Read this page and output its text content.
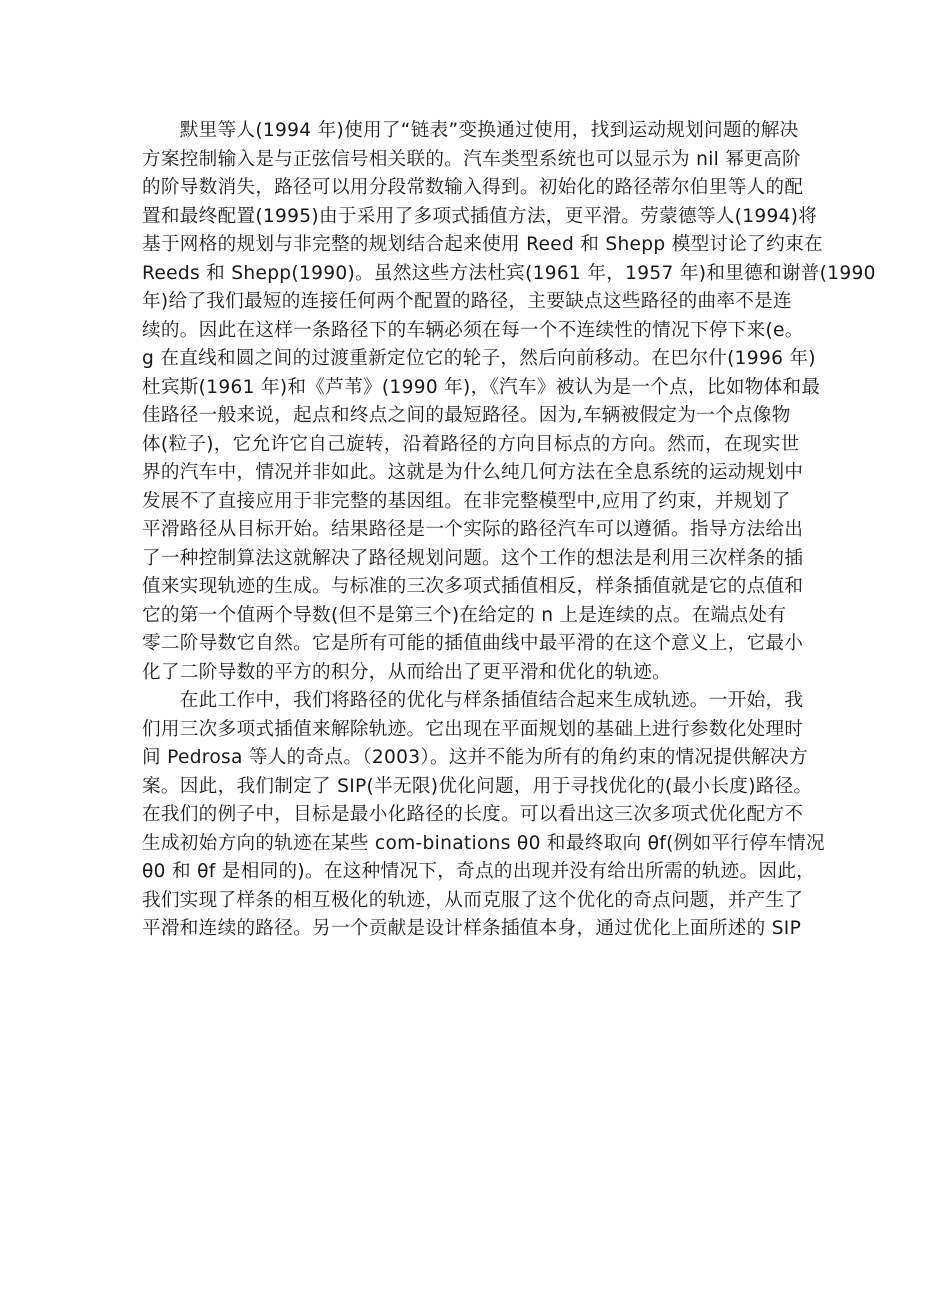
　　默里等人(1994 年)使用了“链表”变换通过使用，找到运动规划问题的解决
方案控制输入是与正弦信号相关联的。汽车类型系统也可以显示为 nil 幂更高阶
的阶导数消失，路径可以用分段常数输入得到。初始化的路径蒂尔伯里等人的配
置和最终配置(1995)由于采用了多项式插值方法，更平滑。劳蒙德等人(1994)将
基于网格的规划与非完整的规划结合起来使用 Reed 和 Shepp 模型讨论了约束在
Reeds 和 Shepp(1990)。虽然这些方法杜宾(1961 年，1957 年)和里德和谢普(1990
年)给了我们最短的连接任何两个配置的路径，主要缺点这些路径的曲率不是连
续的。因此在这样一条路径下的车辆必须在每一个不连续性的情况下停下来(e。
g 在直线和圆之间的过渡重新定位它的轮子，然后向前移动。在巴尔什(1996 年)
杜宾斯(1961 年)和《芦苇》(1990 年)，《汽车》被认为是一个点，比如物体和最
佳路径一般来说，起点和终点之间的最短路径。因为,车辆被假定为一个点像物
体(粒子)，它允许它自己旋转，沿着路径的方向目标点的方向。然而，在现实世
界的汽车中，情况并非如此。这就是为什么纯几何方法在全息系统的运动规划中
发展不了直接应用于非完整的基因组。在非完整模型中,应用了约束，并规划了
平滑路径从目标开始。结果路径是一个实际的路径汽车可以遵循。指导方法给出
了一种控制算法这就解决了路径规划问题。这个工作的想法是利用三次样条的插
值来实现轨迹的生成。与标准的三次多项式插值相反，样条插值就是它的点值和
它的第一个值两个导数(但不是第三个)在给定的 n 上是连续的点。在端点处有
零二阶导数它自然。它是所有可能的插值曲线中最平滑的在这个意义上，它最小
化了二阶导数的平方的积分，从而给出了更平滑和优化的轨迹。
　　在此工作中，我们将路径的优化与样条插值结合起来生成轨迹。一开始，我
们用三次多项式插值来解除轨迹。它出现在平面规划的基础上进行参数化处理时
间 Pedrosa 等人的奇点。（2003）。这并不能为所有的角约束的情况提供解决方
案。因此，我们制定了 SIP(半无限)优化问题，用于寻找优化的(最小长度)路径。
在我们的例子中，目标是最小化路径的长度。可以看出这三次多项式优化配方不
生成初始方向的轨迹在某些 com-binations θ0 和最终取向 θf(例如平行停车情况
θ0 和 θf 是相同的)。在这种情况下，奇点的出现并没有给出所需的轨迹。因此，
我们实现了样条的相互极化的轨迹，从而克服了这个优化的奇点问题，并产生了
平滑和连续的路径。另一个贡献是设计样条插值本身，通过优化上面所述的 SIP
